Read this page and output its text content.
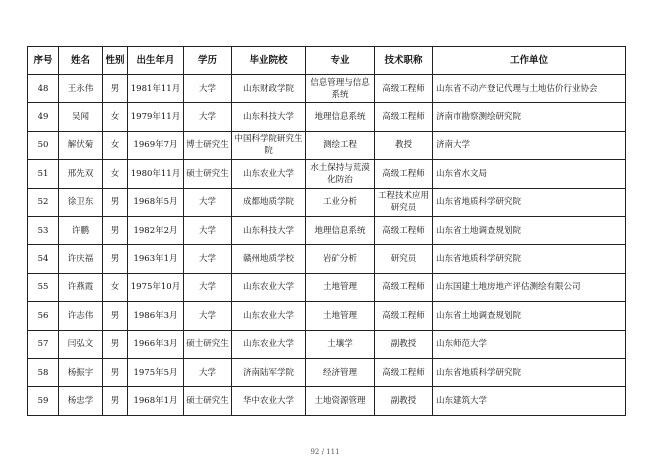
序号	姓名	性别	出生年月	学历	毕业院校	专业	技术职称	工作单位
48	王永伟	男	1981年11月	大学	山东财政学院	信息管理与信息系统	高级工程师	山东省不动产登记代理与土地估价行业协会
49	吴闻	女	1979年11月	大学	山东科技大学	地理信息系统	高级工程师	济南市勘察测绘研究院
50	解伏菊	女	1969年7月	博士研究生	中国科学院研究生院	测绘工程	教授	济南大学
51	邢先双	女	1980年11月	硕士研究生	山东农业大学	水土保持与荒漠化防治	高级工程师	山东省水文局
52	徐卫东	男	1968年5月	大学	成都地质学院	工业分析	工程技术应用研究员	山东省地质科学研究院
53	许鹏	男	1982年2月	大学	山东科技大学	地理信息系统	高级工程师	山东省土地调查规划院
54	许庆福	男	1963年1月	大学	赣州地质学校	岩矿分析	研究员	山东省地质科学研究院
55	许燕霞	女	1975年10月	大学	山东农业大学	土地管理	高级工程师	山东国建土地房地产评估测绘有限公司
56	许志伟	男	1986年3月	大学	山东农业大学	土地管理	高级工程师	山东省土地调查规划院
57	闫弘文	男	1966年3月	硕士研究生	山东农业大学	土壤学	副教授	山东师范大学
58	杨振宇	男	1975年5月	大学	济南陆军学院	经济管理	高级工程师	山东省地质科学研究院
59	杨忠学	男	1968年1月	硕士研究生	华中农业大学	土地资源管理	副教授	山东建筑大学
92 / 111
